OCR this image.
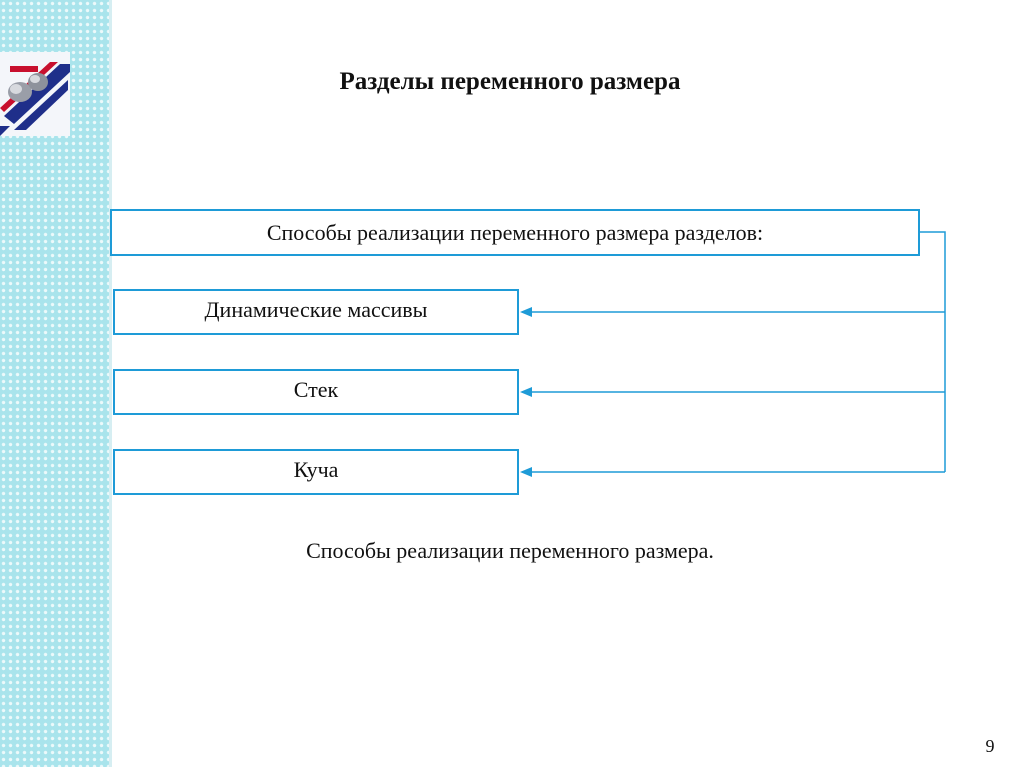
Разделы переменного размера
Способы реализации переменного размера разделов:
Динамические массивы
Стек
Куча
Способы реализации переменного размера.
9
